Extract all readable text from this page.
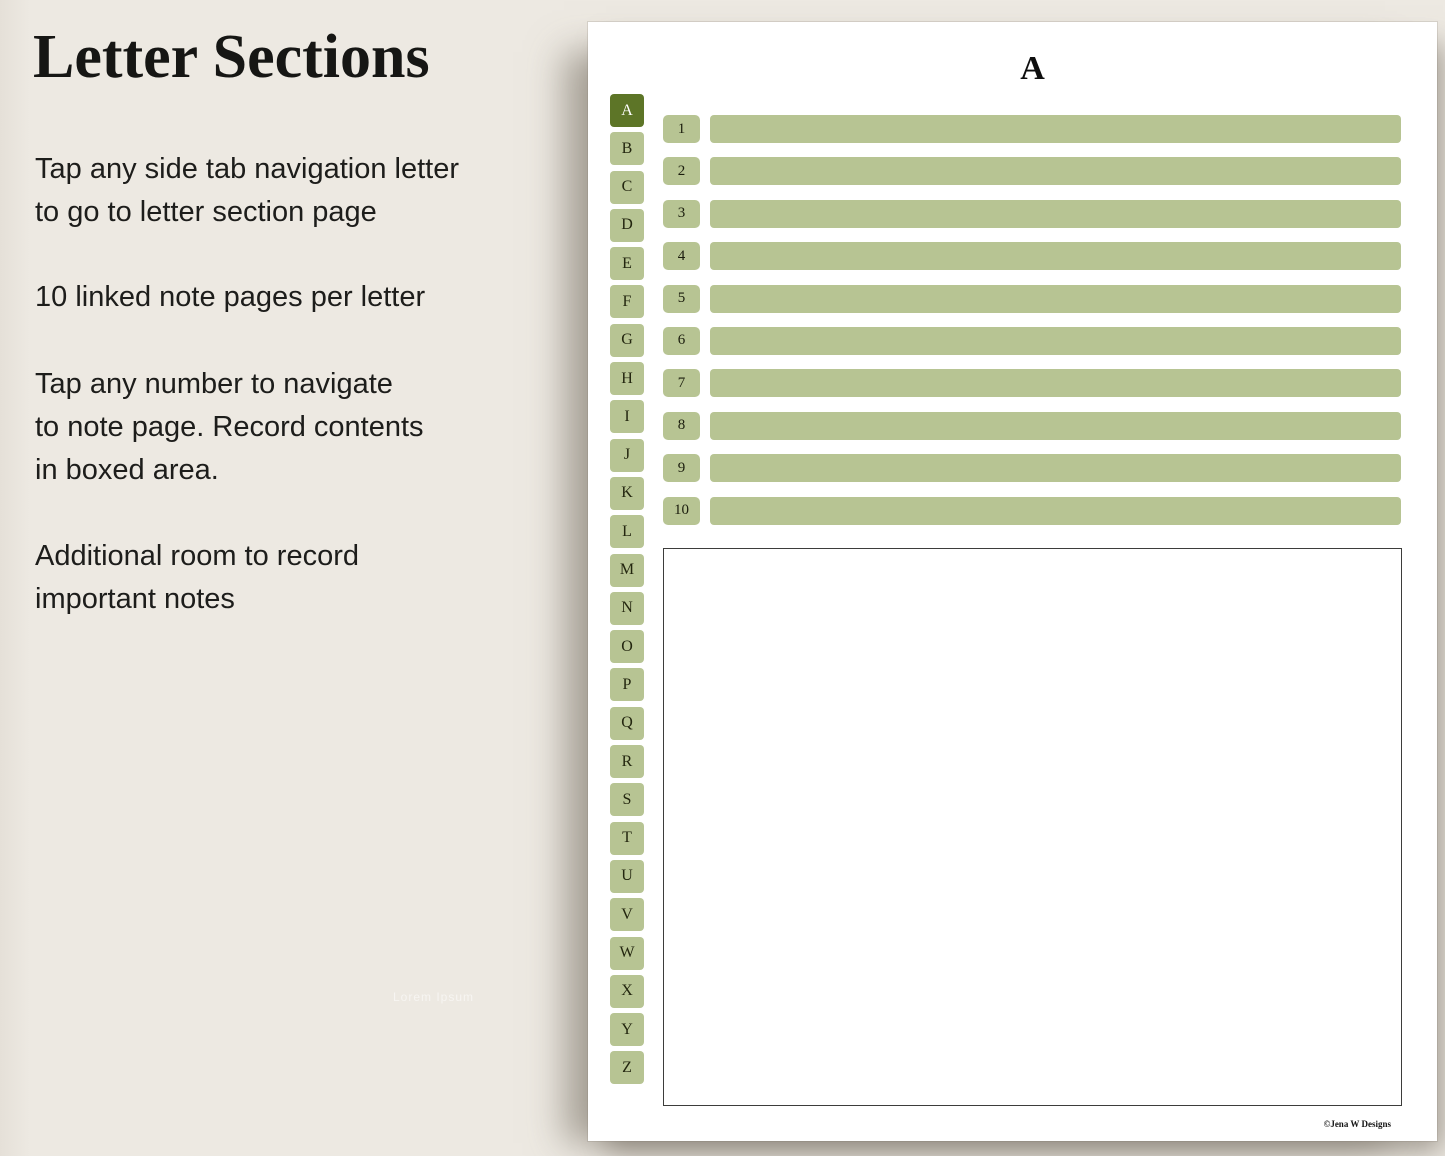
Letter Sections
Tap any side tab navigation letter
to go to letter section page
10 linked note pages per letter
Tap any number to navigate
to note page. Record contents
in boxed area.
Additional room to record
important notes
Lorem Ipsum
A
A
B
C
D
E
F
G
H
I
J
K
L
M
N
O
P
Q
R
S
T
U
V
W
X
Y
Z
1
2
3
4
5
6
7
8
9
10
©Jena W Designs
